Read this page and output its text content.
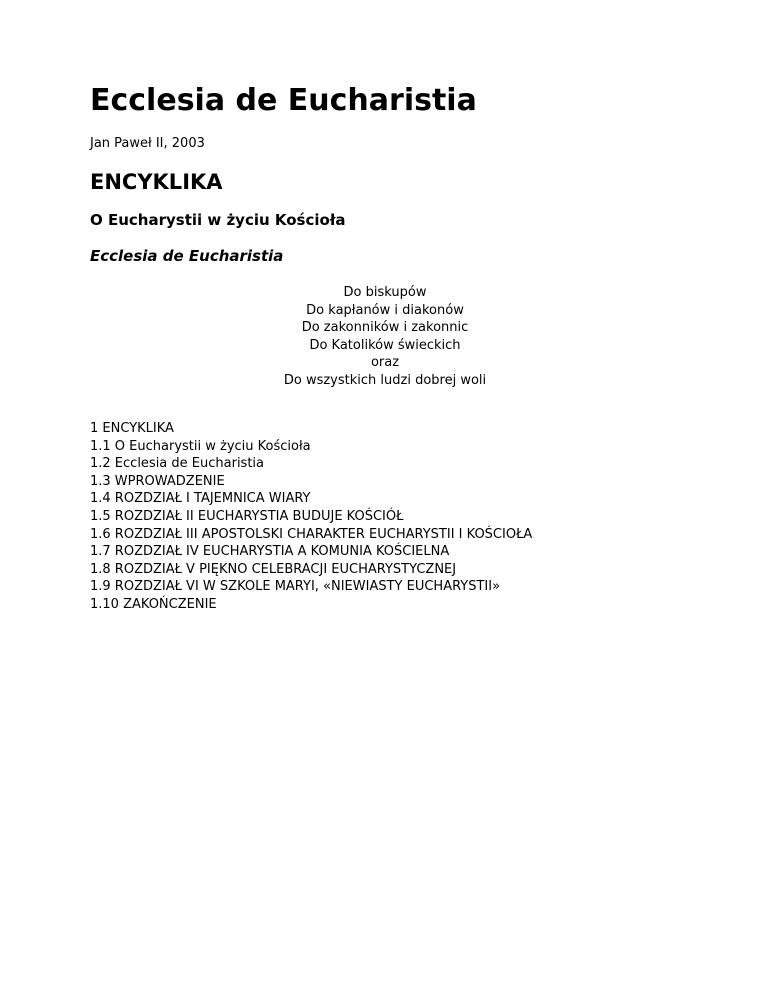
Ecclesia de Eucharistia
Jan Paweł II, 2003
ENCYKLIKA
O Eucharystii w życiu Kościoła
Ecclesia de Eucharistia
Do biskupów
Do kapłanów i diakonów
Do zakonników i zakonnic
Do Katolików świeckich
oraz
Do wszystkich ludzi dobrej woli
1 ENCYKLIKA
1.1 O Eucharystii w życiu Kościoła
1.2 Ecclesia de Eucharistia
1.3 WPROWADZENIE
1.4 ROZDZIAŁ I TAJEMNICA WIARY
1.5 ROZDZIAŁ II EUCHARYSTIA BUDUJE KOŚCIÓŁ
1.6 ROZDZIAŁ III APOSTOLSKI CHARAKTER EUCHARYSTII I KOŚCIOŁA
1.7 ROZDZIAŁ IV EUCHARYSTIA A KOMUNIA KOŚCIELNA
1.8 ROZDZIAŁ V PIĘKNO CELEBRACJI EUCHARYSTYCZNEJ
1.9 ROZDZIAŁ VI W SZKOLE MARYI, «NIEWIASTY EUCHARYSTII»
1.10 ZAKOŃCZENIE
